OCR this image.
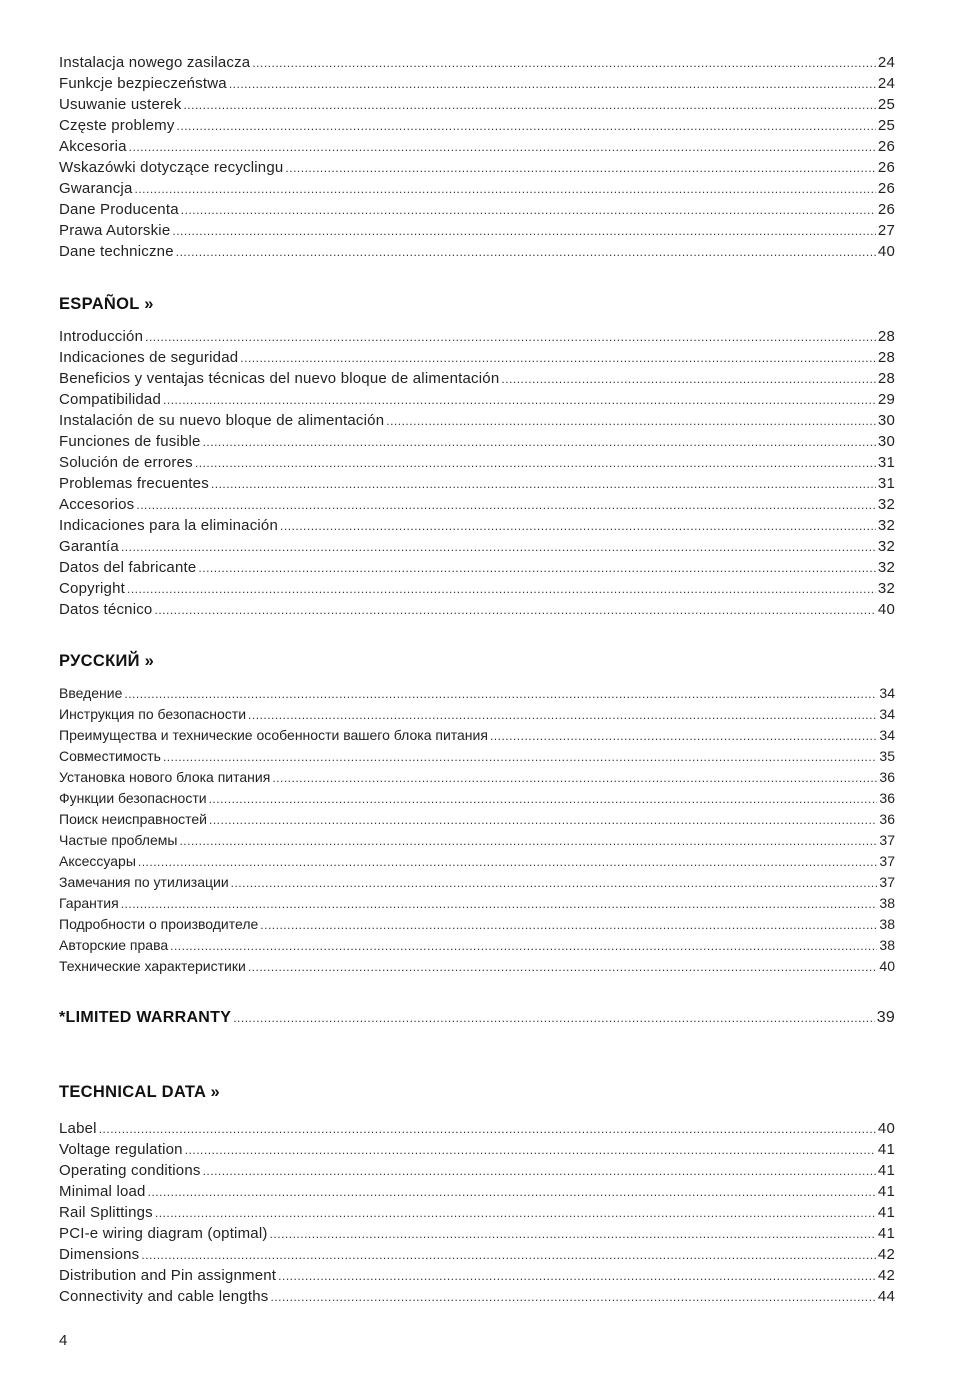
Instalacja nowego zasilacza .....	24
Funkcje bezpieczeństwa .....	24
Usuwanie usterek .....	25
Częste problemy .....	25
Akcesoria .....	26
Wskazówki dotyczące recyclingu .....	26
Gwarancja .....	26
Dane Producenta .....	26
Prawa Autorskie .....	27
Dane techniczne .....	40
ESPAÑOL »
Introducción .....	28
Indicaciones de seguridad .....	28
Beneficios y ventajas técnicas del nuevo bloque de alimentación .....	28
Compatibilidad .....	29
Instalación de su nuevo bloque de alimentación .....	30
Funciones de fusible .....	30
Solución de errores .....	31
Problemas frecuentes .....	31
Accesorios .....	32
Indicaciones para la eliminación .....	32
Garantía .....	32
Datos del fabricante .....	32
Copyright .....	32
Datos técnico .....	40
РУССКИЙ »
Введение .....	34
Инструкция по безопасности .....	34
Преимущества и технические особенности вашего блока питания .....	34
Совместимость .....	35
Установка нового блока питания .....	36
Функции безопасности .....	36
Поиск неисправностей .....	36
Частые проблемы .....	37
Аксессуары .....	37
Замечания по утилизации .....	37
Гарантия .....	38
Подробности о производителе .....	38
Авторские права .....	38
Технические характеристики .....	40
*LIMITED WARRANTY .....	39
TECHNICAL DATA »
Label .....	40
Voltage regulation .....	41
Operating conditions .....	41
Minimal load .....	41
Rail Splittings .....	41
PCI-e wiring diagram (optimal) .....	41
Dimensions .....	42
Distribution and Pin assignment .....	42
Connectivity and cable lengths .....	44
4
